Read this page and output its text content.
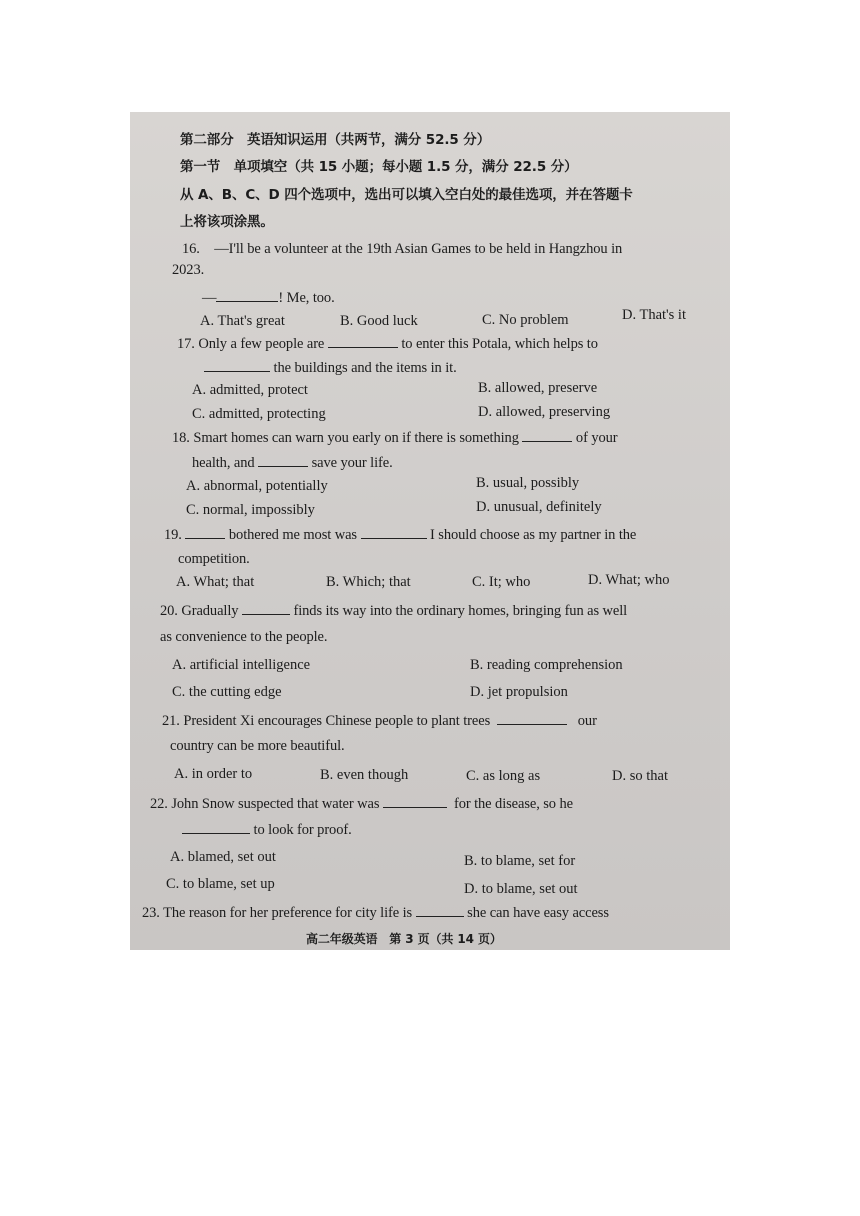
第二部分　英语知识运用（共两节，满分 52.5 分）
第一节　单项填空（共 15 小题；每小题 1.5 分，满分 22.5 分）
从 A、B、C、D 四个选项中，选出可以填入空白处的最佳选项，并在答题卡
上将该项涂黑。
16.　—I'll be a volunteer at the 19th Asian Games to be held in Hangzhou in
2023.
—	! Me, too.
A. That's great	B. Good luck	C. No problem	D. That's it
17. Only a few people are	to enter this Potala, which helps to
the buildings and the items in it.
A. admitted, protect	B. allowed, preserve
C. admitted, protecting	D. allowed, preserving
18. Smart homes can warn you early on if there is something	of your
health, and	save your life.
A. abnormal, potentially	B. usual, possibly
C. normal, impossibly	D. unusual, definitely
19.	bothered me most was	I should choose as my partner in the
competition.
A. What; that	B. Which; that	C. It; who	D. What; who
20. Gradually	finds its way into the ordinary homes, bringing fun as well
as convenience to the people.
A. artificial intelligence	B. reading comprehension
C. the cutting edge	D. jet propulsion
21. President Xi encourages Chinese people to plant trees	our
country can be more beautiful.
A. in order to	B. even though	C. as long as	D. so that
22. John Snow suspected that water was	for the disease, so he
to look for proof.
A. blamed, set out	B. to blame, set for
C. to blame, set up	D. to blame, set out
23. The reason for her preference for city life is	she can have easy access
高二年级英语　第 3 页（共 14 页）
